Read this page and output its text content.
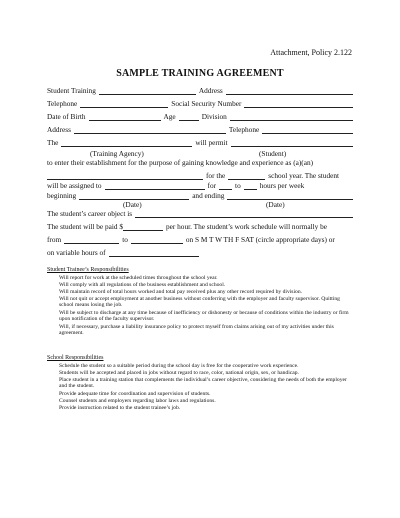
Attachment, Policy 2.122
SAMPLE TRAINING AGREEMENT
Student Training	Address
Telephone	Social Security Number
Date of Birth	Age	Division
Address	Telephone
The	will permit
(Training Agency)	(Student)
to enter their establishment for the purpose of gaining knowledge and experience as (a)(an)
for the	school year. The student
will be assigned to	for	to	hours per week
beginning	and ending
(Date)	(Date)
The student’s career object is
The student will be paid $	per hour. The student’s work schedule will normally be
from	to	on S M T W TH F SAT (circle appropriate days) or
on variable hours of
Student Trainee’s Responsibilities
Will report for work at the scheduled times throughout the school year.
Will comply with all regulations of the business establishment and school.
Will maintain record of total hours worked and total pay received plus any other record required by division.
Will not quit or accept employment at another business without conferring with the employer and faculty supervisor. Quitting school means losing the job.
Will be subject to discharge at any time because of inefficiency or dishonesty or because of conditions within the industry or firm upon notification of the faculty supervisor.
Will, if necessary, purchase a liability insurance policy to protect myself from claims arising out of my activities under this agreement.
School Responsibilities
Schedule the student so a suitable period during the school day is free for the cooperative work experience.
Students will be accepted and placed in jobs without regard to race, color, national origin, sex, or handicap.
Place student in a training station that complements the individual’s career objective, considering the needs of both the employer and the student.
Provide adequate time for coordination and supervision of students.
Counsel students and employers regarding labor laws and regulations.
Provide instruction related to the student trainee’s job.
